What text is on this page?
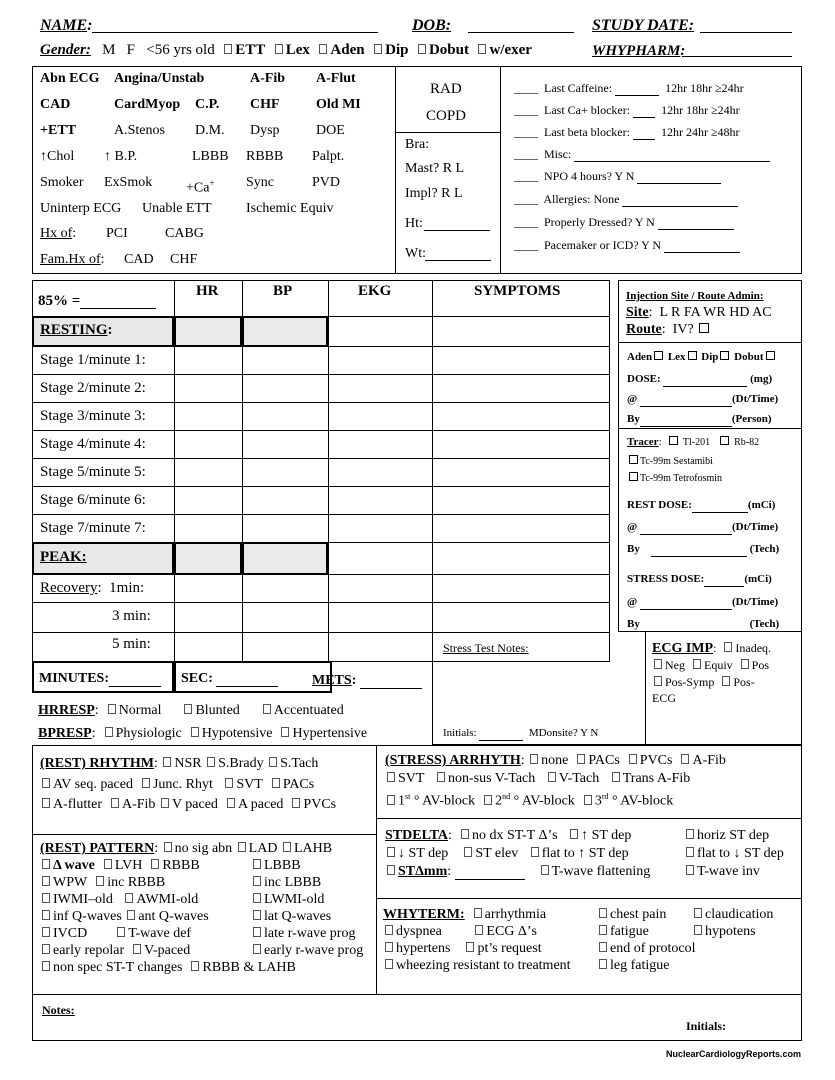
NAME:	DOB:	STUDY DATE:
Gender: M F <56 yrs old ETT Lex Aden Dip Dobut w/exer	WHYPHARM:
Abn ECG Angina/Unstab	A-Fib A-Flut
CAD	CardMyop C.P. CHF	Old MI
+ETT	A.Stenos D.M. Dysp	DOE
↑Chol ↑ B.P.	LBBB RBBB Palpt.
Smoker ExSmok +Ca+ Sync	PVD
Uninterp ECG Unable ETT Ischemic Equiv
Hx of: PCI	CABG
Fam.Hx of: CAD CHF
RAD
COPD
Bra:
Mast? R L
Impl? R L
Ht:
Wt:
____  Last Caffeine:	12hr 18hr ≥24hr
____  Last Ca+ blocker:	12hr 18hr ≥24hr
____  Last beta blocker:	12hr 24hr ≥48hr
____  Misc:
____  NPO 4 hours? Y N
____  Allergies: None
____  Properly Dressed? Y N
____  Pacemaker or ICD? Y N
85% =
HR	BP	EKG	SYMPTOMS
RESTING:
Stage 1/minute 1:
Stage 2/minute 2:
Stage 3/minute 3:
Stage 4/minute 4:
Stage 5/minute 5:
Stage 6/minute 6:
Stage 7/minute 7:
PEAK:
Recovery:  1min:
3 min:
5 min:
MINUTES:	SEC:	METS:
Stress Test Notes:
Initials:	MDonsite? Y N
HRRESP:  Normal Blunted Accentuated
BPRESP:  Physiologic Hypotensive Hypertensive
Injection Site / Route Admin:
Site:  L R FA WR HD AC
Route:  IV?
Aden Lex Dip Dobut
DOSE:	(mg)
@	(Dt/Time)
By	(Person)
Tracer:   Tl-201 Rb-82
Tc-99m Sestamibi
Tc-99m Tetrofosmin
REST DOSE:	(mCi)
@	(Dt/Time)
By	(Tech)
STRESS DOSE:	(mCi)
@	(Dt/Time)
By	(Tech)
ECG IMP:  Inadeq.
Neg Equiv Pos
Pos-Symp Pos-
ECG
(REST) RHYTHM: NSR S.Brady S.Tach
AV seq. paced Junc. Rhyt SVT PACs
A-flutter A-Fib V paced A paced PVCs
(STRESS) ARRHYTH: none PACs PVCs A-Fib
SVT non-sus V-Tach V-Tach Trans A-Fib
1st ° AV-block 2nd ° AV-block 3rd ° AV-block
(REST) PATTERN: no sig abn LAD LAHB
Δ wave LVH RBBB	LBBB
WPW inc RBBB	inc LBBB
IWMI–old AWMI-old	LWMI-old
inf Q-waves ant Q-waves	lat Q-waves
IVCD	T-wave def	late r-wave prog
early repolar V-paced	early r-wave prog
non spec ST-T changes RBBB & LAHB
STDELTA:  no dx ST-T Δ’s ↑ ST dep	horiz ST dep
↓ ST dep ST elev flat to ↑ ST dep	flat to ↓ ST dep
STΔmm:	T-wave flattening	T-wave inv
WHYTERM: arrhythmia	chest pain	claudication
dyspnea	ECG Δ’s	fatigue	hypotens
hypertens pt’s request	end of protocol
wheezing resistant to treatment	leg fatigue
Notes:
Initials:
NuclearCardiologyReports.com
